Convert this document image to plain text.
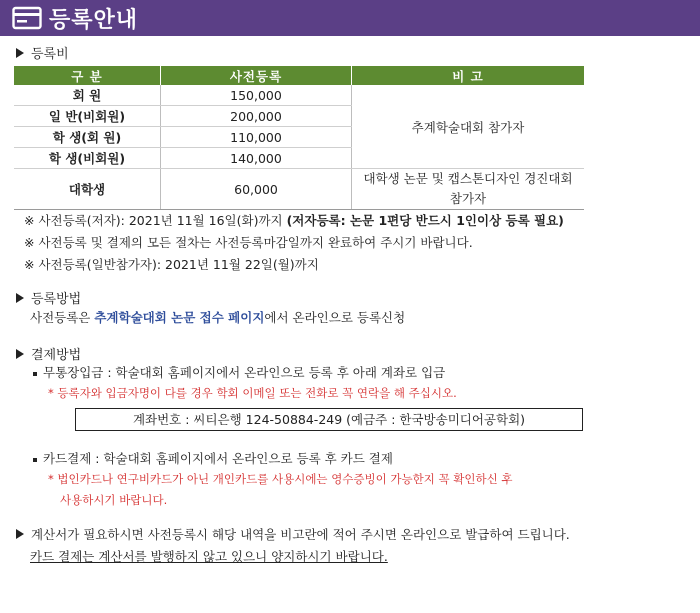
등록안내
등록비
구 분	사전등록	비 고
회 원	150,000	추계학술대회 참가자
일 반(비회원)	200,000	
학 생(회 원)	110,000	
학 생(비회원)	140,000	
대학생	60,000	대학생 논문 및 캡스톤디자인 경진대회
참가자
※ 사전등록(저자): 2021년 11월 16일(화)까지 (저자등록: 논문 1편당 반드시 1인이상 등록 필요)
※ 사전등록 및 결제의 모든 절차는 사전등록마감일까지 완료하여 주시기 바랍니다.
※ 사전등록(일반참가자): 2021년 11월 22일(월)까지
등록방법
사전등록은 추계학술대회 논문 접수 페이지에서 온라인으로 등록신청
결제방법
무통장입금 : 학술대회 홈페이지에서 온라인으로 등록 후 아래 계좌로 입금
* 등록자와 입금자명이 다를 경우 학회 이메일 또는 전화로 꼭 연락을 해 주십시오.
계좌번호 : 씨티은행 124-50884-249 (예금주 : 한국방송미디어공학회)
카드결제 : 학술대회 홈페이지에서 온라인으로 등록 후 카드 결제
* 법인카드나 연구비카드가 아닌 개인카드를 사용시에는 영수증빙이 가능한지 꼭 확인하신 후
사용하시기 바랍니다.
계산서가 필요하시면 사전등록시 해당 내역을 비고란에 적어 주시면 온라인으로 발급하여 드립니다.
카드 결제는 계산서를 발행하지 않고 있으니 양지하시기 바랍니다.
